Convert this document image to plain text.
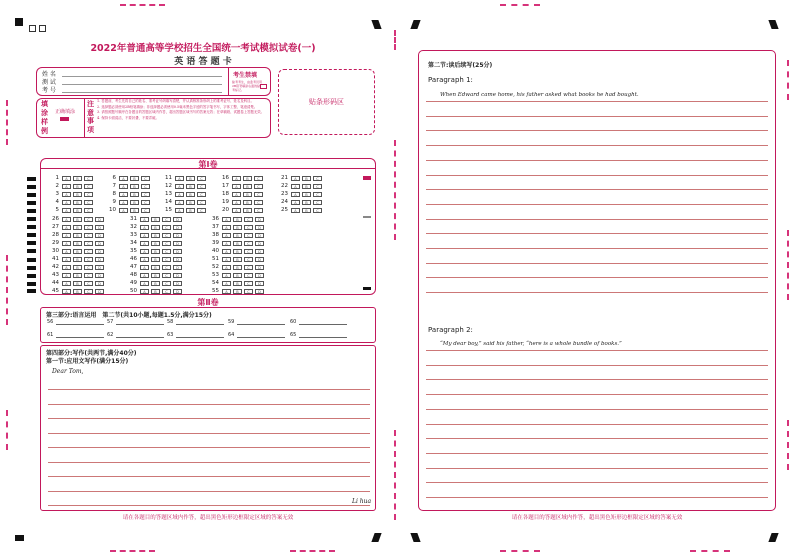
2022年普通高等学校招生全国统一考试模拟试卷(一)
英 语 答 题 卡
姓 名
测 试
考 号
考生禁填
缺考考生，由监考员用2B铅笔填涂右面的缺考标记。
填
涂
样
例
正确填涂
注意事项
1. 答题前，考生先将自己的姓名、准考证号码填写清楚，并认真核准条形码上的准考证号、姓名及科目。
2. 选择题必须使用2B铅笔填涂；非选择题必须使用0.5毫米黑色字迹的签字笔书写，字体工整、笔迹清楚。
3. 请按照题号顺序在各题目的答题区域内作答，超出答题区域书写的答案无效；在草稿纸、试题卷上答题无效。
4. 保持卡面清洁，不要折叠、不要弄破。
贴条形码区
第Ⅰ卷
1	A	B	C
2	A	B	C
3	A	B	C
4	A	B	C
5	A	B	C
6	A	B	C
7	A	B	C
8	A	B	C
9	A	B	C
10	A	B	C
11	A	B	C
12	A	B	C
13	A	B	C
14	A	B	C
15	A	B	C
16	A	B	C
17	A	B	C
18	A	B	C
19	A	B	C
20	A	B	C
21	A	B	C
22	A	B	C
23	A	B	C
24	A	B	C
25	A	B	C
26	A	B	C	D
27	A	B	C	D
28	A	B	C	D
29	A	B	C	D
30	A	B	C	D
31	A	B	C	D
32	A	B	C	D
33	A	B	C	D
34	A	B	C	D
35	A	B	C	D
36	A	B	C	D
37	A	B	C	D
38	A	B	C	D
39	A	B	C	D
40	A	B	C	D
41	A	B	C	D
42	A	B	C	D
43	A	B	C	D
44	A	B	C	D
45	A	B	C	D
46	A	B	C	D
47	A	B	C	D
48	A	B	C	D
49	A	B	C	D
50	A	B	C	D
51	A	B	C	D
52	A	B	C	D
53	A	B	C	D
54	A	B	C	D
55	A	B	C	D
第Ⅱ卷
第三部分:语言运用　第二节(共10小题,每题1.5分,满分15分)
56	57	58	59	60
61	62	63	64	65
第四部分:写作(共两节,满分40分)
第一节:应用文写作(满分15分)
Dear Tom,
Li hua
请在各题目的答题区域内作答，超出黑色矩形边框限定区域的答案无效
第二节:读后续写(25分)
Paragraph 1:
When Edward came home, his father asked what books he had bought.
Paragraph 2:
“My dear boy,” said his father, “here is a whole bundle of books.”
请在各题目的答题区域内作答，超出黑色矩形边框限定区域的答案无效
